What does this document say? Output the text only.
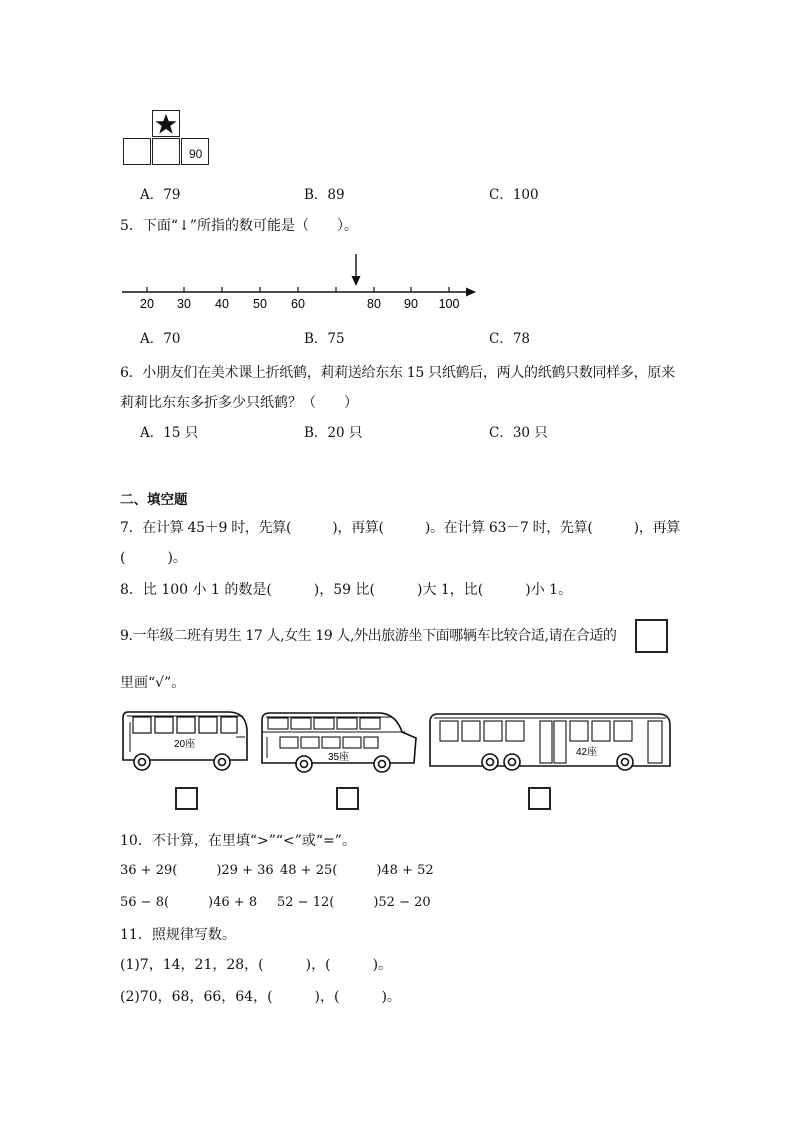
90
A．79	B．89	C．100
5．下面“↓”所指的数可能是（　　）。
20 30 40 50 60	80 90 100
A．70	B．75	C．78
6．小朋友们在美术课上折纸鹤，莉莉送给东东 15 只纸鹤后，两人的纸鹤只数同样多，原来
莉莉比东东多折多少只纸鹤？（　　）
A．15 只	B．20 只	C．30 只
二、填空题
7．在计算 45＋9 时，先算(　　　)，再算(　　　)。在计算 63－7 时，先算(　　　)，再算
(　　　)。
8．比 100 小 1 的数是(　　　)，59 比(　　　)大 1，比(　　　)小 1。
9.一年级二班有男生 17 人,女生 19 人,外出旅游坐下面哪辆车比较合适,请在合适的
里画“√”。
20座
35座	42座
10．不计算，在里填“>”“<”或“=”。
36 + 29(　　　)29 + 36 48 + 25(　　　)48 + 52
56 − 8(　　　)46 + 8 52 − 12(　　　)52 − 20
11．照规律写数。
(1)7，14，21，28，(　　　)，(　　　)。
(2)70，68，66，64，(　　　)，(　　　)。
